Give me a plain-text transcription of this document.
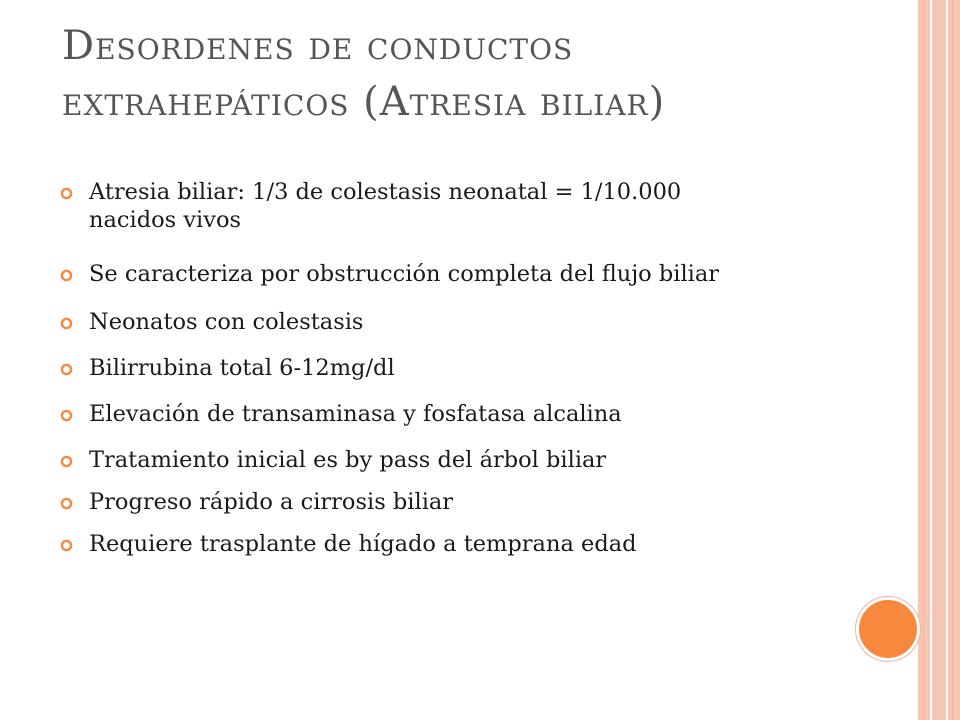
Desordenes de conductos
extrahepáticos (Atresia biliar)
Atresia biliar: 1/3 de colestasis neonatal = 1/10.000
nacidos vivos
Se caracteriza por obstrucción completa del flujo biliar
Neonatos con colestasis
Bilirrubina total 6-12mg/dl
Elevación de transaminasa y fosfatasa alcalina
Tratamiento inicial es by pass del árbol biliar
Progreso rápido a cirrosis biliar
Requiere trasplante de hígado a temprana edad
